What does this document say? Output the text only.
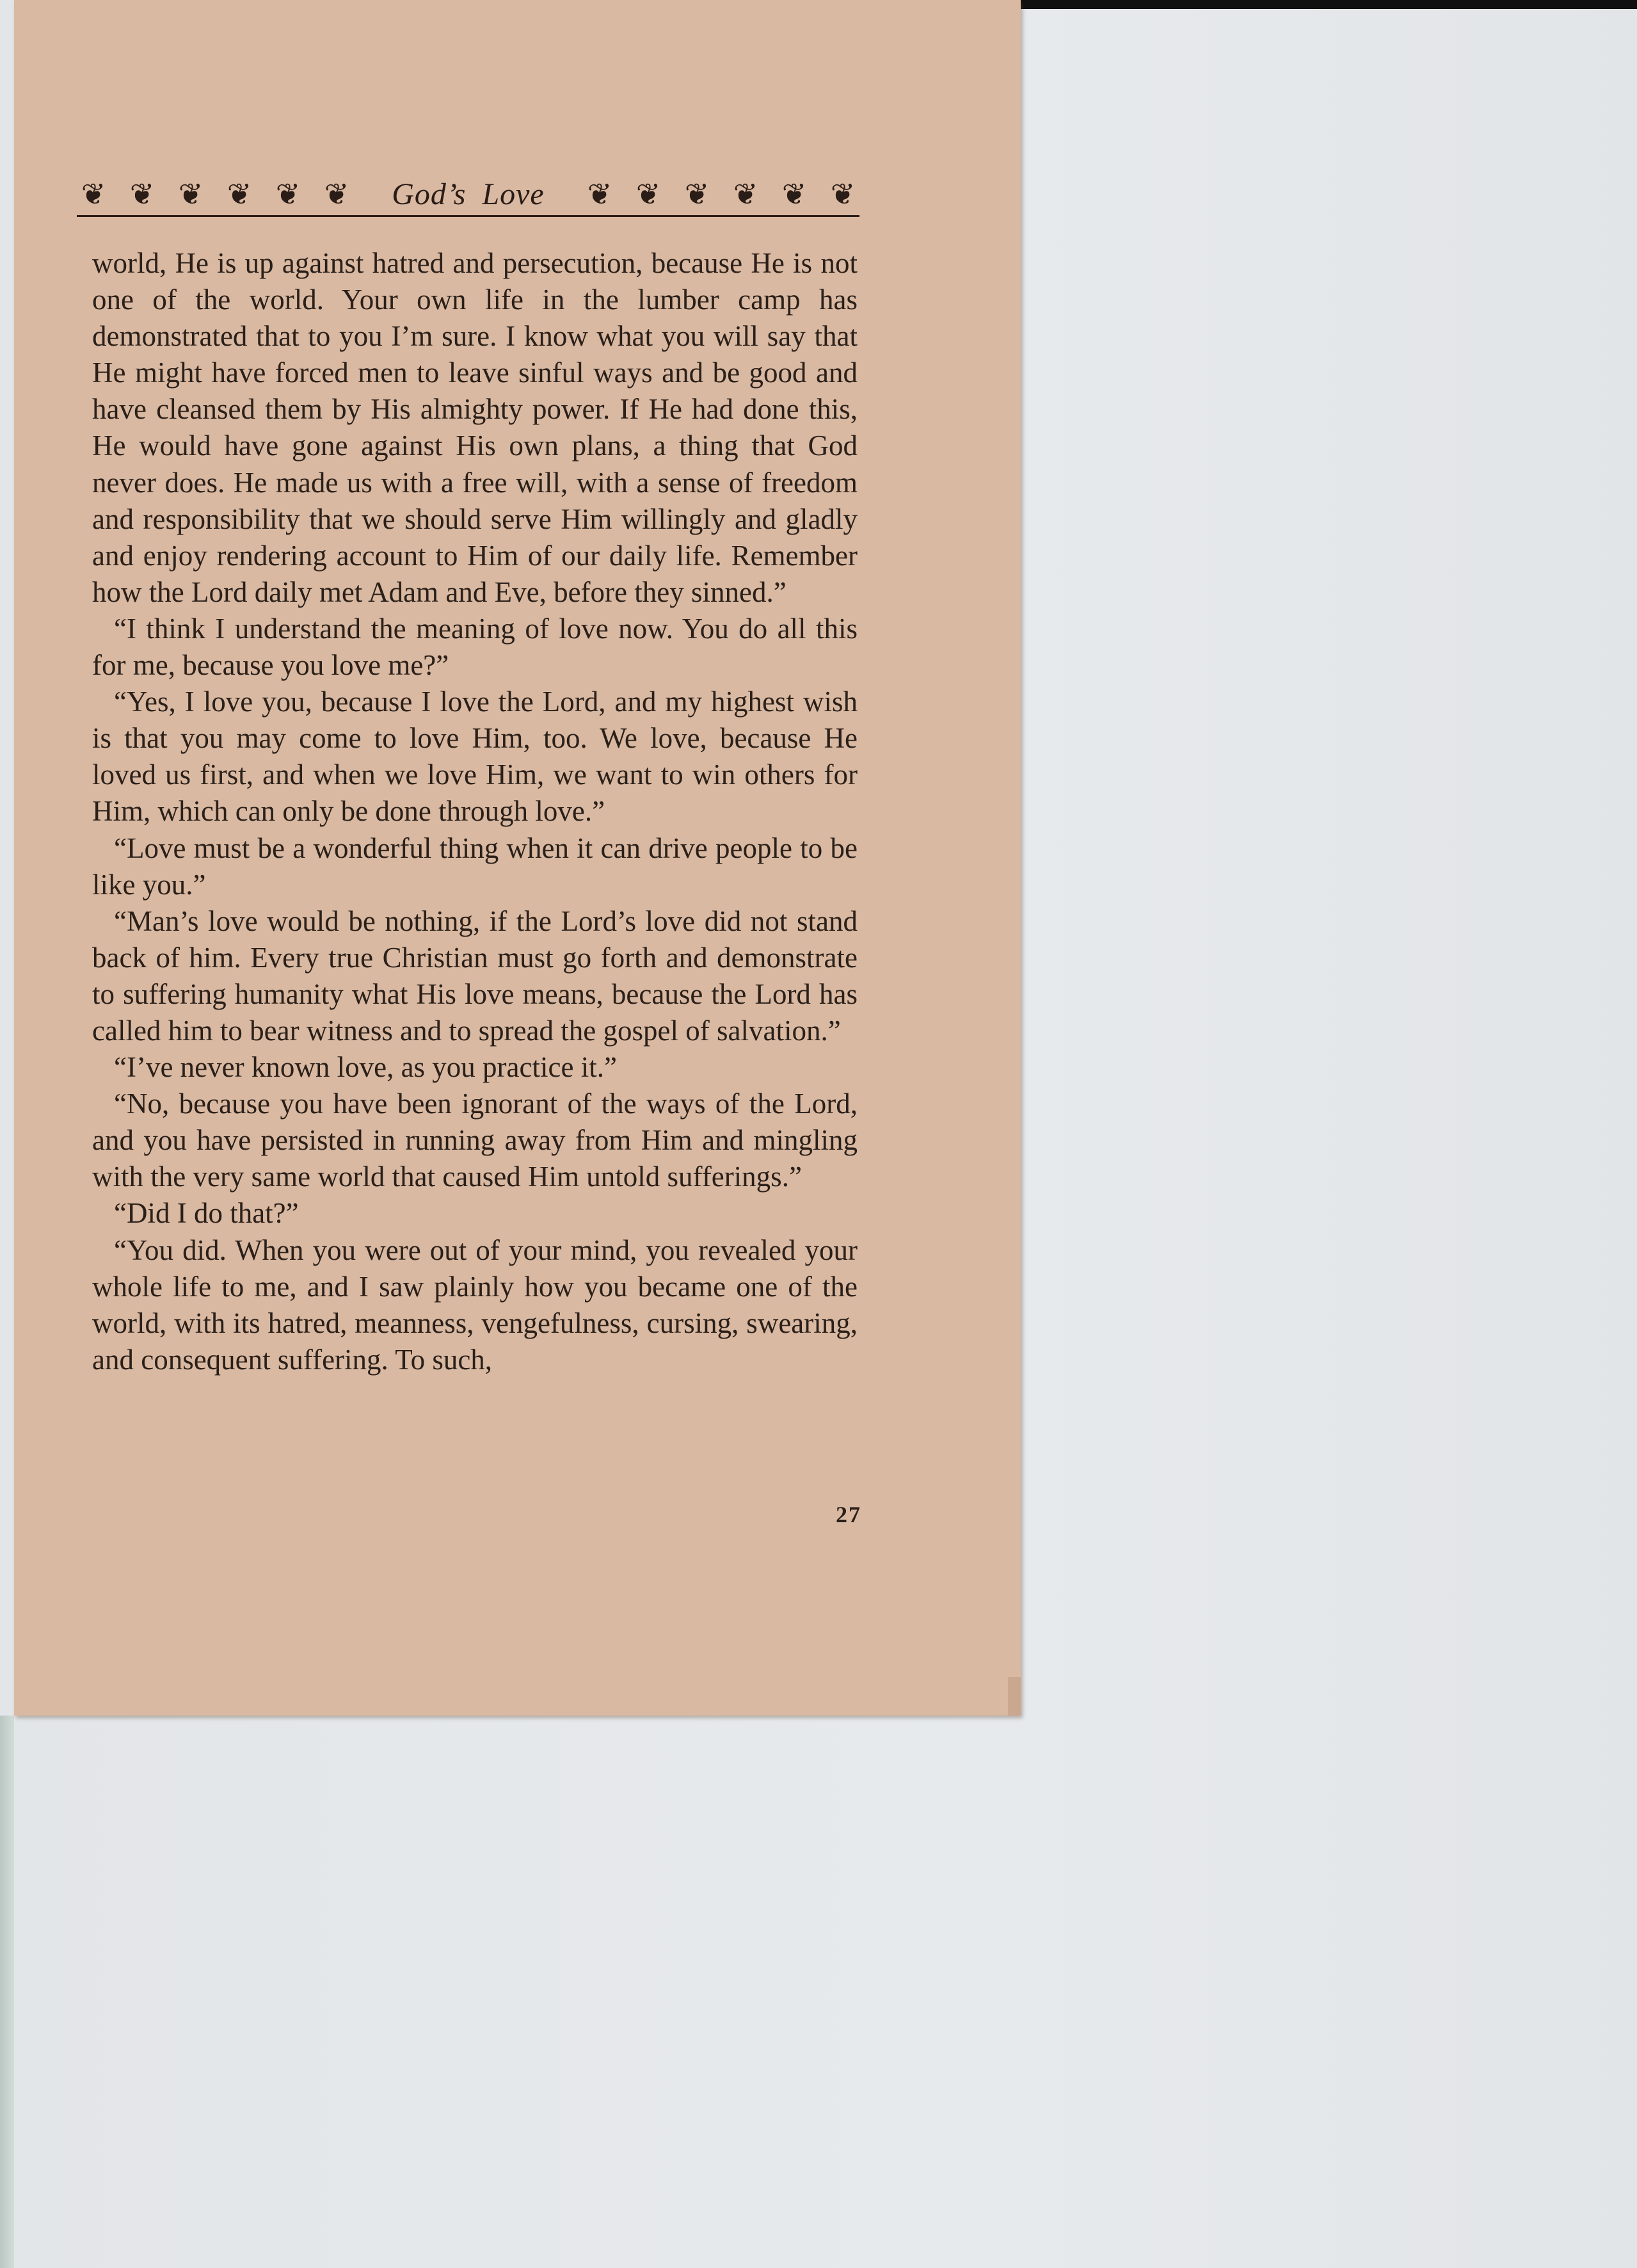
❦ ❦ ❦ ❦ ❦ ❦ God’s Love ❦ ❦ ❦ ❦ ❦ ❦

world, He is up against hatred and persecution, because He is not one of the world. Your own life in the lumber camp has demonstrated that to you I’m sure. I know what you will say that He might have forced men to leave sinful ways and be good and have cleansed them by His almighty power. If He had done this, He would have gone against His own plans, a thing that God never does. He made us with a free will, with a sense of freedom and responsibility that we should serve Him willingly and gladly and enjoy rendering account to Him of our daily life. Remember how the Lord daily met Adam and Eve, before they sinned.”

“I think I understand the meaning of love now. You do all this for me, because you love me?”

“Yes, I love you, because I love the Lord, and my highest wish is that you may come to love Him, too. We love, because He loved us first, and when we love Him, we want to win others for Him, which can only be done through love.”

“Love must be a wonderful thing when it can drive people to be like you.”

“Man’s love would be nothing, if the Lord’s love did not stand back of him. Every true Christian must go forth and demonstrate to suffering humanity what His love means, because the Lord has called him to bear witness and to spread the gospel of salvation.”

“I’ve never known love, as you practice it.”

“No, because you have been ignorant of the ways of the Lord, and you have persisted in running away from Him and mingling with the very same world that caused Him untold sufferings.”

“Did I do that?”

“You did. When you were out of your mind, you revealed your whole life to me, and I saw plainly how you became one of the world, with its hatred, meanness, vengefulness, cursing, swearing, and consequent suffering. To such,

27
